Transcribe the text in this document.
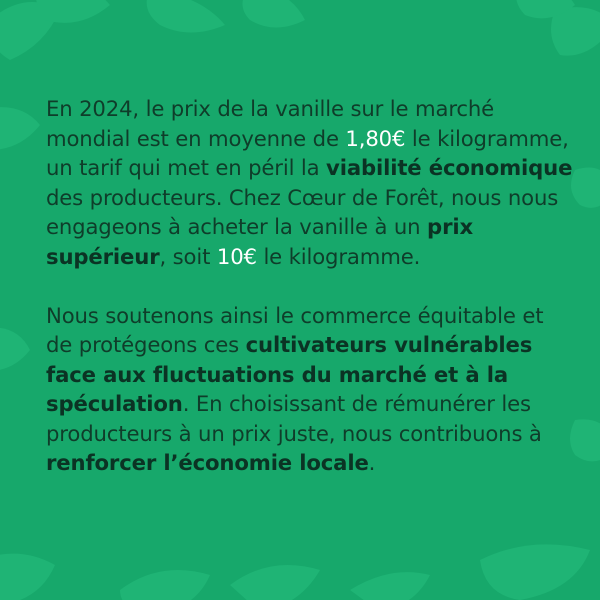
En 2024, le prix de la vanille sur le marché mondial est en moyenne de 1,80€ le kilogramme, un tarif qui met en péril la viabilité économique des producteurs. Chez Cœur de Forêt, nous nous engageons à acheter la vanille à un prix supérieur, soit 10€ le kilogramme.

Nous soutenons ainsi le commerce équitable et de protégeons ces cultivateurs vulnérables face aux fluctuations du marché et à la spéculation. En choisissant de rémunérer les producteurs à un prix juste, nous contribuons à renforcer l’économie locale.
